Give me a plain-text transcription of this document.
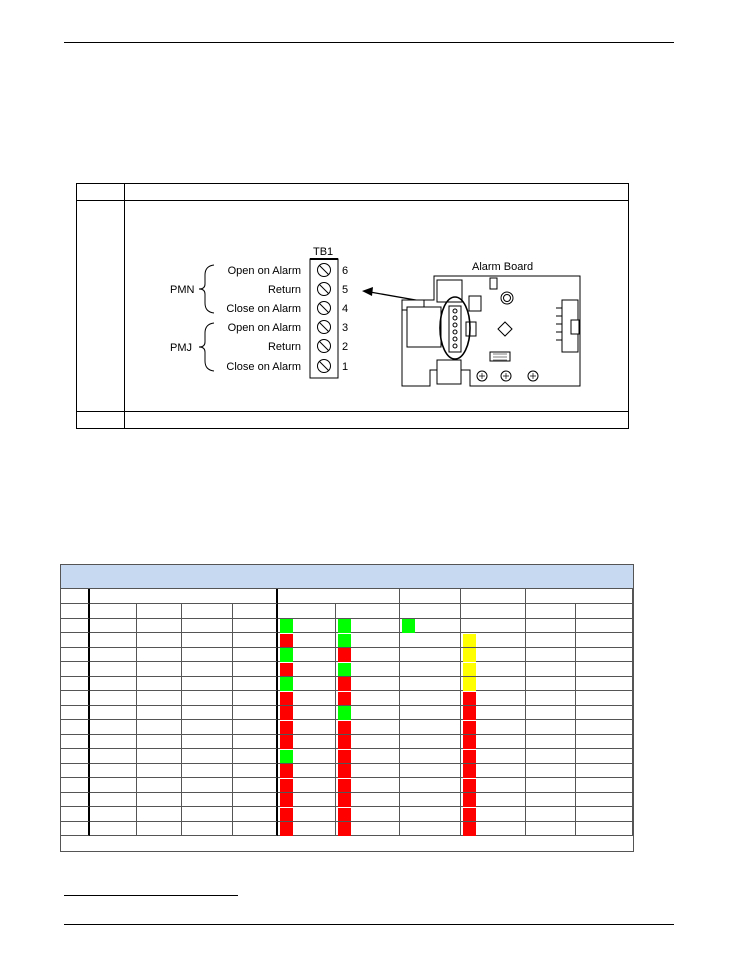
TB1
Open on Alarm
Return
Close on Alarm
Open on Alarm
Return
Close on Alarm
6
5
4
3
2
1
PMN
PMJ
Alarm Board
